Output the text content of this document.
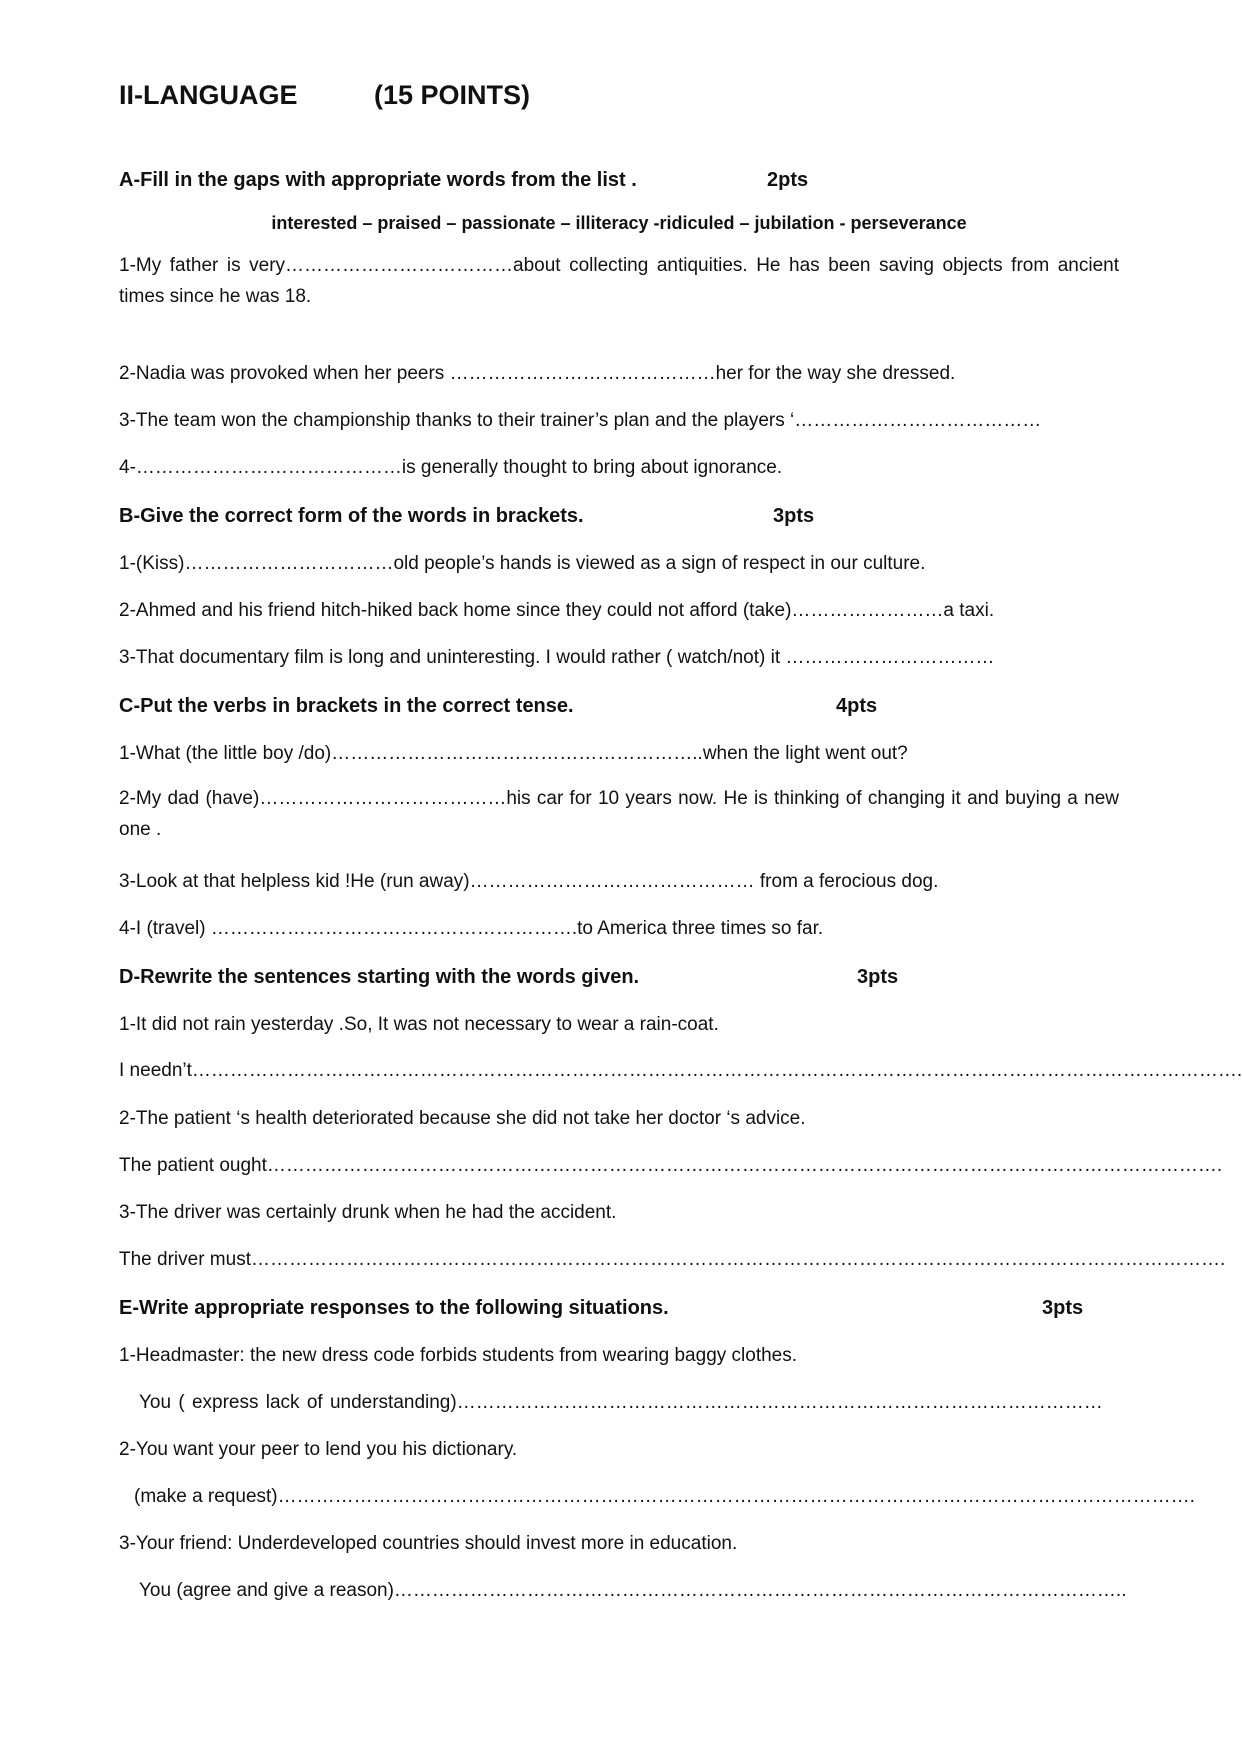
II-LANGUAGE	(15 POINTS)
A-Fill in the gaps with appropriate words from the list .	2pts
interested – praised – passionate – illiteracy -ridiculed – jubilation - perseverance
1-My father is very………………………………about collecting antiquities. He has been saving objects from ancient times since he was 18.
2-Nadia was provoked when her peers ……………………………………her for the way she dressed.
3-The team won the championship thanks to their trainer’s plan and the players ‘…………………………………
4-……………………………………is generally thought to bring about ignorance.
B-Give the correct form of the words in brackets.	3pts
1-(Kiss)……………………………old people’s hands is viewed as a sign of respect in our culture.
2-Ahmed and his friend hitch-hiked back home since they could not afford (take)……………………a taxi.
3-That documentary film is long and uninteresting. I would rather ( watch/not) it ……………………………
C-Put the verbs in brackets in the correct tense.	4pts
1-What (the little boy /do)…………………………………………………..when the light went out?
2-My dad (have)…………………………………his car for 10 years now. He is thinking of changing it and buying a new one .
3-Look at that helpless kid !He (run away)……………………………………… from a ferocious dog.
4-I (travel) ………………………………………………….to America three times so far.
D-Rewrite the sentences starting with the words given.	3pts
1-It did not rain yesterday .So, It was not necessary to wear a rain-coat.
I needn’t………………………………………………………………………………………………………………………………………………….
2-The patient ‘s health deteriorated because she did not take her doctor ‘s advice.
The patient ought…………………………………………………………………………………………………………………………………….
3-The driver was certainly drunk when he had the accident.
The driver must……………………………………………………………………………………………………………………………………….
E-Write appropriate responses to the following situations.	3pts
1-Headmaster: the new dress code forbids students from wearing baggy clothes.
You ( express lack of understanding)…………………………………………………………………………………………
2-You want your peer to lend you his dictionary.
(make a request)……………………………………………………………………………………………………………………………….
3-Your friend: Underdeveloped countries should invest more in education.
You (agree and give a reason)……………………………………………………………………………………………………..
